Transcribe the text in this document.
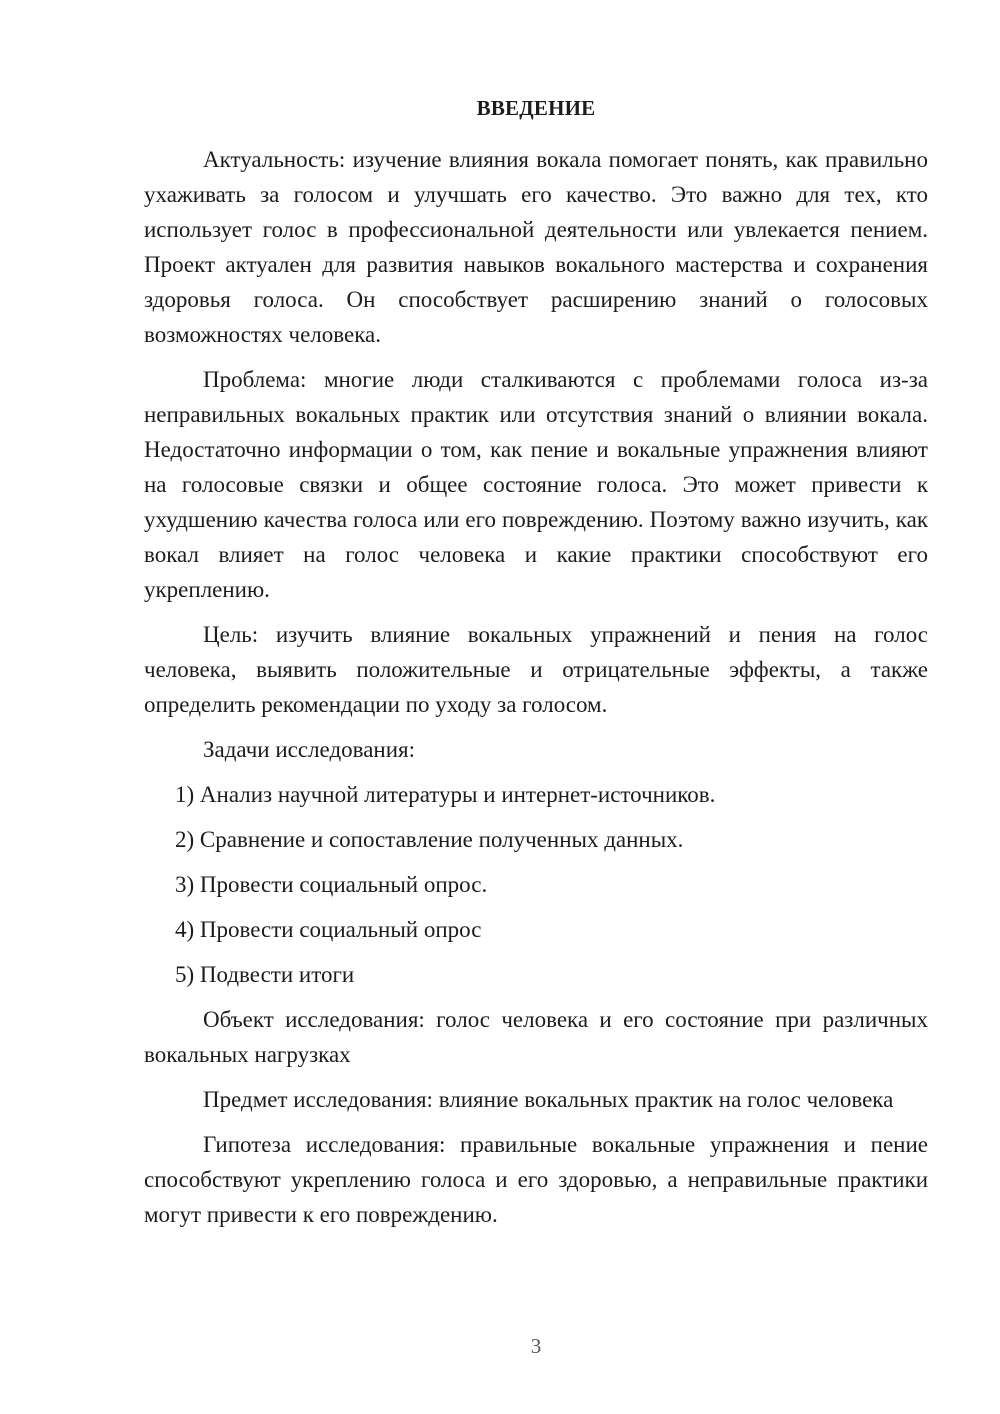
ВВЕДЕНИЕ

Актуальность: изучение влияния вокала помогает понять, как правильно ухаживать за голосом и улучшать его качество. Это важно для тех, кто использует голос в профессиональной деятельности или увлекается пением. Проект актуален для развития навыков вокального мастерства и сохранения здоровья голоса. Он способствует расширению знаний о голосовых возможностях человека.

Проблема: многие люди сталкиваются с проблемами голоса из-за неправильных вокальных практик или отсутствия знаний о влиянии вокала. Недостаточно информации о том, как пение и вокальные упражнения влияют на голосовые связки и общее состояние голоса. Это может привести к ухудшению качества голоса или его повреждению. Поэтому важно изучить, как вокал влияет на голос человека и какие практики способствуют его укреплению.

Цель: изучить влияние вокальных упражнений и пения на голос человека, выявить положительные и отрицательные эффекты, а также определить рекомендации по уходу за голосом.

Задачи исследования:

1) Анализ научной литературы и интернет-источников.

2) Сравнение и сопоставление полученных данных.

3) Провести социальный опрос.

4) Провести социальный опрос

5) Подвести итоги

Объект исследования: голос человека и его состояние при различных вокальных нагрузках

Предмет исследования: влияние вокальных практик на голос человека

Гипотеза исследования: правильные вокальные упражнения и пение способствуют укреплению голоса и его здоровью, а неправильные практики могут привести к его повреждению.

3
